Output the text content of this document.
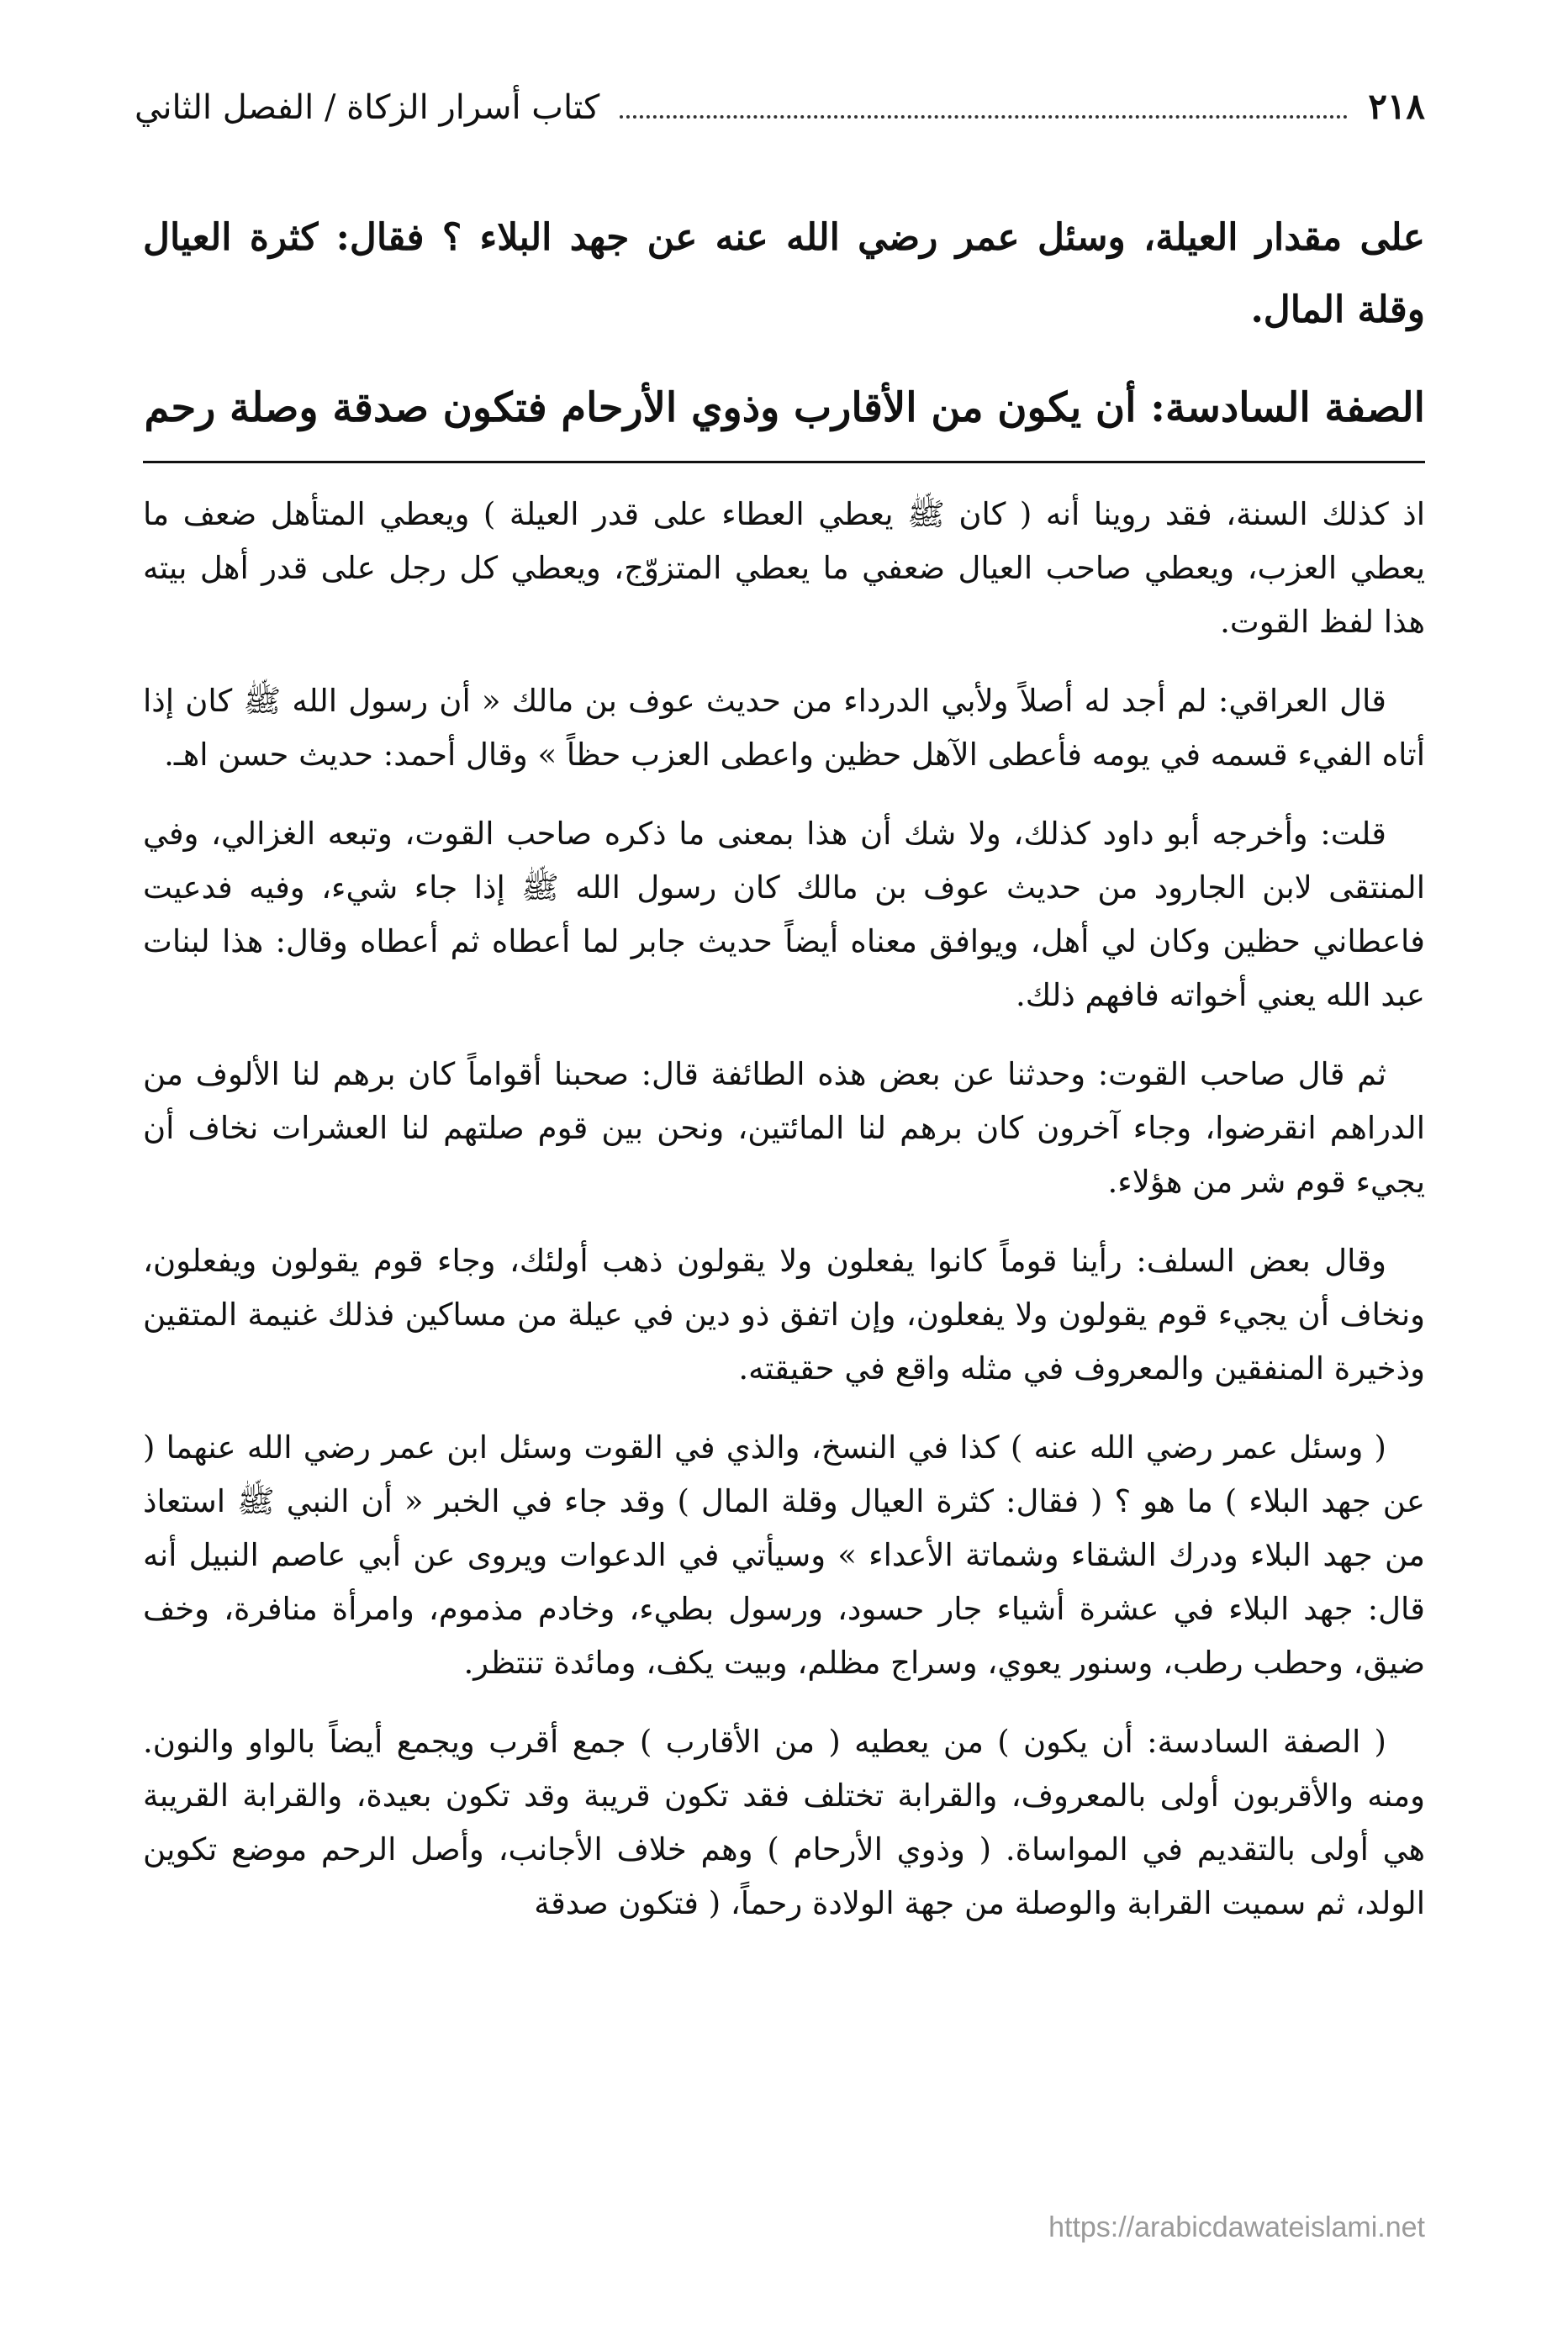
٢١٨
كتاب أسرار الزكاة / الفصل الثاني
على مقدار العيلة، وسئل عمر رضي الله عنه عن جهد البلاء ؟ فقال: كثرة العيال وقلة المال.
الصفة السادسة: أن يكون من الأقارب وذوي الأرحام فتكون صدقة وصلة رحم

اذ كذلك السنة، فقد روينا أنه ( كان ﷺ يعطي العطاء على قدر العيلة ) ويعطي المتأهل ضعف ما يعطي العزب، ويعطي صاحب العيال ضعفي ما يعطي المتزوّج، ويعطي كل رجل على قدر أهل بيته هذا لفظ القوت.

قال العراقي: لم أجد له أصلاً ولأبي الدرداء من حديث عوف بن مالك « أن رسول الله ﷺ كان إذا أتاه الفيء قسمه في يومه فأعطى الآهل حظين واعطى العزب حظاً » وقال أحمد: حديث حسن اهـ.

قلت: وأخرجه أبو داود كذلك، ولا شك أن هذا بمعنى ما ذكره صاحب القوت، وتبعه الغزالي، وفي المنتقى لابن الجارود من حديث عوف بن مالك كان رسول الله ﷺ إذا جاء شيء، وفيه فدعيت فاعطاني حظين وكان لي أهل، ويوافق معناه أيضاً حديث جابر لما أعطاه ثم أعطاه وقال: هذا لبنات عبد الله يعني أخواته فافهم ذلك.

ثم قال صاحب القوت: وحدثنا عن بعض هذه الطائفة قال: صحبنا أقواماً كان برهم لنا الألوف من الدراهم انقرضوا، وجاء آخرون كان برهم لنا المائتين، ونحن بين قوم صلتهم لنا العشرات نخاف أن يجيء قوم شر من هؤلاء.

وقال بعض السلف: رأينا قوماً كانوا يفعلون ولا يقولون ذهب أولئك، وجاء قوم يقولون ويفعلون، ونخاف أن يجيء قوم يقولون ولا يفعلون، وإن اتفق ذو دين في عيلة من مساكين فذلك غنيمة المتقين وذخيرة المنفقين والمعروف في مثله واقع في حقيقته.

( وسئل عمر رضي الله عنه ) كذا في النسخ، والذي في القوت وسئل ابن عمر رضي الله عنهما ( عن جهد البلاء ) ما هو ؟ ( فقال: كثرة العيال وقلة المال ) وقد جاء في الخبر « أن النبي ﷺ استعاذ من جهد البلاء ودرك الشقاء وشماتة الأعداء » وسيأتي في الدعوات ويروى عن أبي عاصم النبيل أنه قال: جهد البلاء في عشرة أشياء جار حسود، ورسول بطيء، وخادم مذموم، وامرأة منافرة، وخف ضيق، وحطب رطب، وسنور يعوي، وسراج مظلم، وبيت يكف، ومائدة تنتظر.

( الصفة السادسة: أن يكون ) من يعطيه ( من الأقارب ) جمع أقرب ويجمع أيضاً بالواو والنون. ومنه والأقربون أولى بالمعروف، والقرابة تختلف فقد تكون قريبة وقد تكون بعيدة، والقرابة القريبة هي أولى بالتقديم في المواساة. ( وذوي الأرحام ) وهم خلاف الأجانب، وأصل الرحم موضع تكوين الولد، ثم سميت القرابة والوصلة من جهة الولادة رحماً، ( فتكون صدقة

https://arabicdawateislami.net
